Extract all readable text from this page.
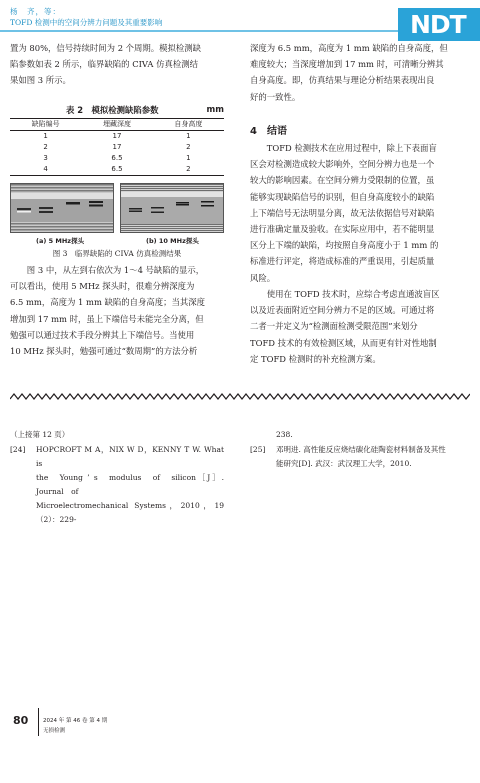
杨　齐，等：
TOFD 检测中的空间分辨力问题及其重要影响	NDT
置为 80%，信号持续时间为 2 个周期。模拟检测缺
陷参数如表 2 所示，临界缺陷的 CIVA 仿真检测结
果如图 3 所示。
表 2　模拟检测缺陷参数	mm
缺陷编号	埋藏深度	自身高度
1	17	1
2	17	2
3	6.5	1
4	6.5	2
(a) 5 MHz探头	(b) 10 MHz探头
图 3　临界缺陷的 CIVA 仿真检测结果
图 3 中，从左到右依次为 1～4 号缺陷的显示，
可以看出，使用 5 MHz 探头时，很难分辨深度为
6.5 mm，高度为 1 mm 缺陷的自身高度；当其深度
增加到 17 mm 时，虽上下端信号未能完全分离，但
勉强可以通过技术手段分辨其上下端信号。当使用
10 MHz 探头时，勉强可通过“数周期”的方法分析
深度为 6.5 mm，高度为 1 mm 缺陷的自身高度，但
难度较大；当深度增加到 17 mm 时，可清晰分辨其
自身高度。即，仿真结果与理论分析结果表现出良
好的一致性。
4　结语
TOFD 检测技术在应用过程中，除上下表面盲
区会对检测造成较大影响外，空间分辨力也是一个
较大的影响因素。在空间分辨力受限制的位置，虽
能够实现缺陷信号的识别，但自身高度较小的缺陷
上下端信号无法明显分离，故无法依据信号对缺陷
进行准确定量及验收。在实际应用中，若不能明显
区分上下端的缺陷，均按照自身高度小于 1 mm 的
标准进行评定，将造成标准的严重误用，引起质量
风险。
使用在 TOFD 技术时，应综合考虑直通波盲区
以及近表面附近空间分辨力不足的区域。可通过将
二者一并定义为“检测面检测受限范围”来划分
TOFD 技术的有效检测区域，从而更有针对性地制
定 TOFD 检测时的补充检测方案。
（上接第 12 页）
[24] HOPCROFT M A，NIX W D，KENNY T W. What is
the　Young ’ s　modulus　of　silicon［J］. Journal　of
Microelectromechanical Systems，2010，19（2）：229-
238.
[25] 邓明进. 高性能反应烧结碳化硅陶瓷材料制备及其性
能研究[D]. 武汉：武汉理工大学，2010.
80	2024 年 第 46 卷 第 4 期
无损检测
